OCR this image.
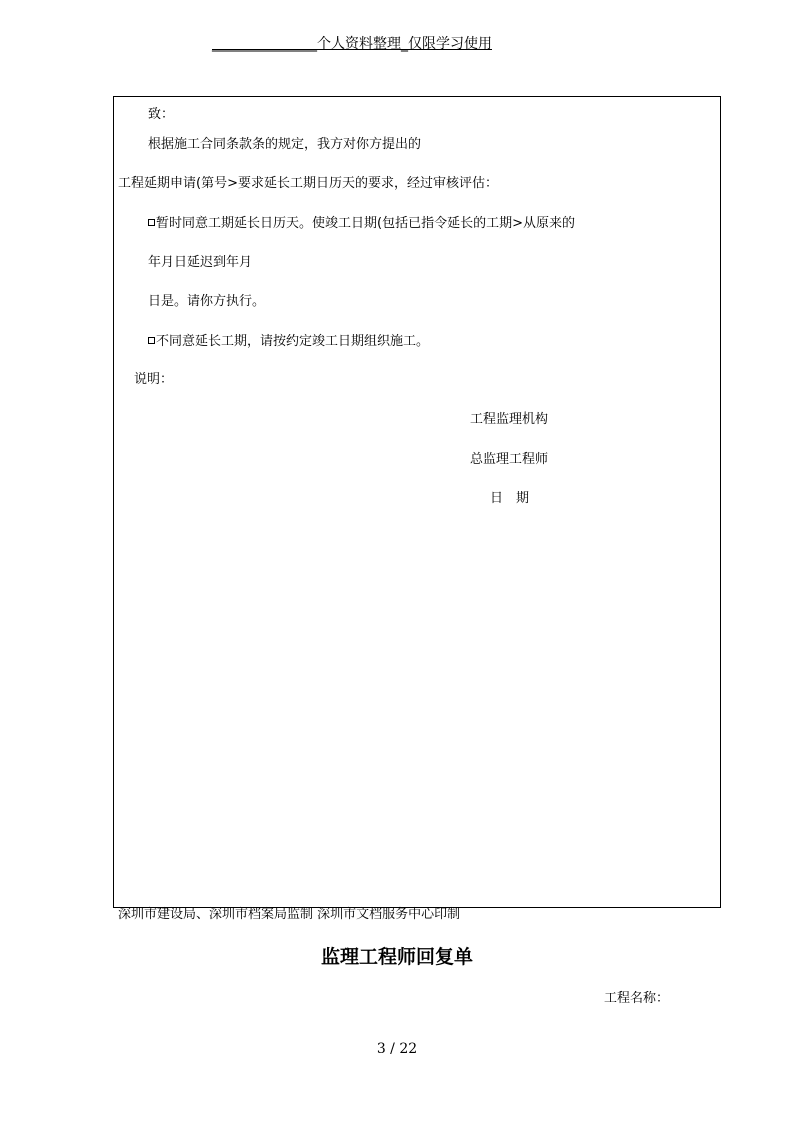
_______________个人资料整理_仅限学习使用
致：
根据施工合同条款条的规定，我方对你方提出的
工程延期申请(第号>要求延长工期日历天的要求，经过审核评估：
暂时同意工期延长日历天。使竣工日期(包括已指令延长的工期>从原来的
年月日延迟到年月
日是。请你方执行。
不同意延长工期，请按约定竣工日期组织施工。
说明：
工程监理机构
总监理工程师
日　期
深圳市建设局、深圳市档案局监制 深圳市文档服务中心印制
监理工程师回复单
工程名称：
3 / 22
